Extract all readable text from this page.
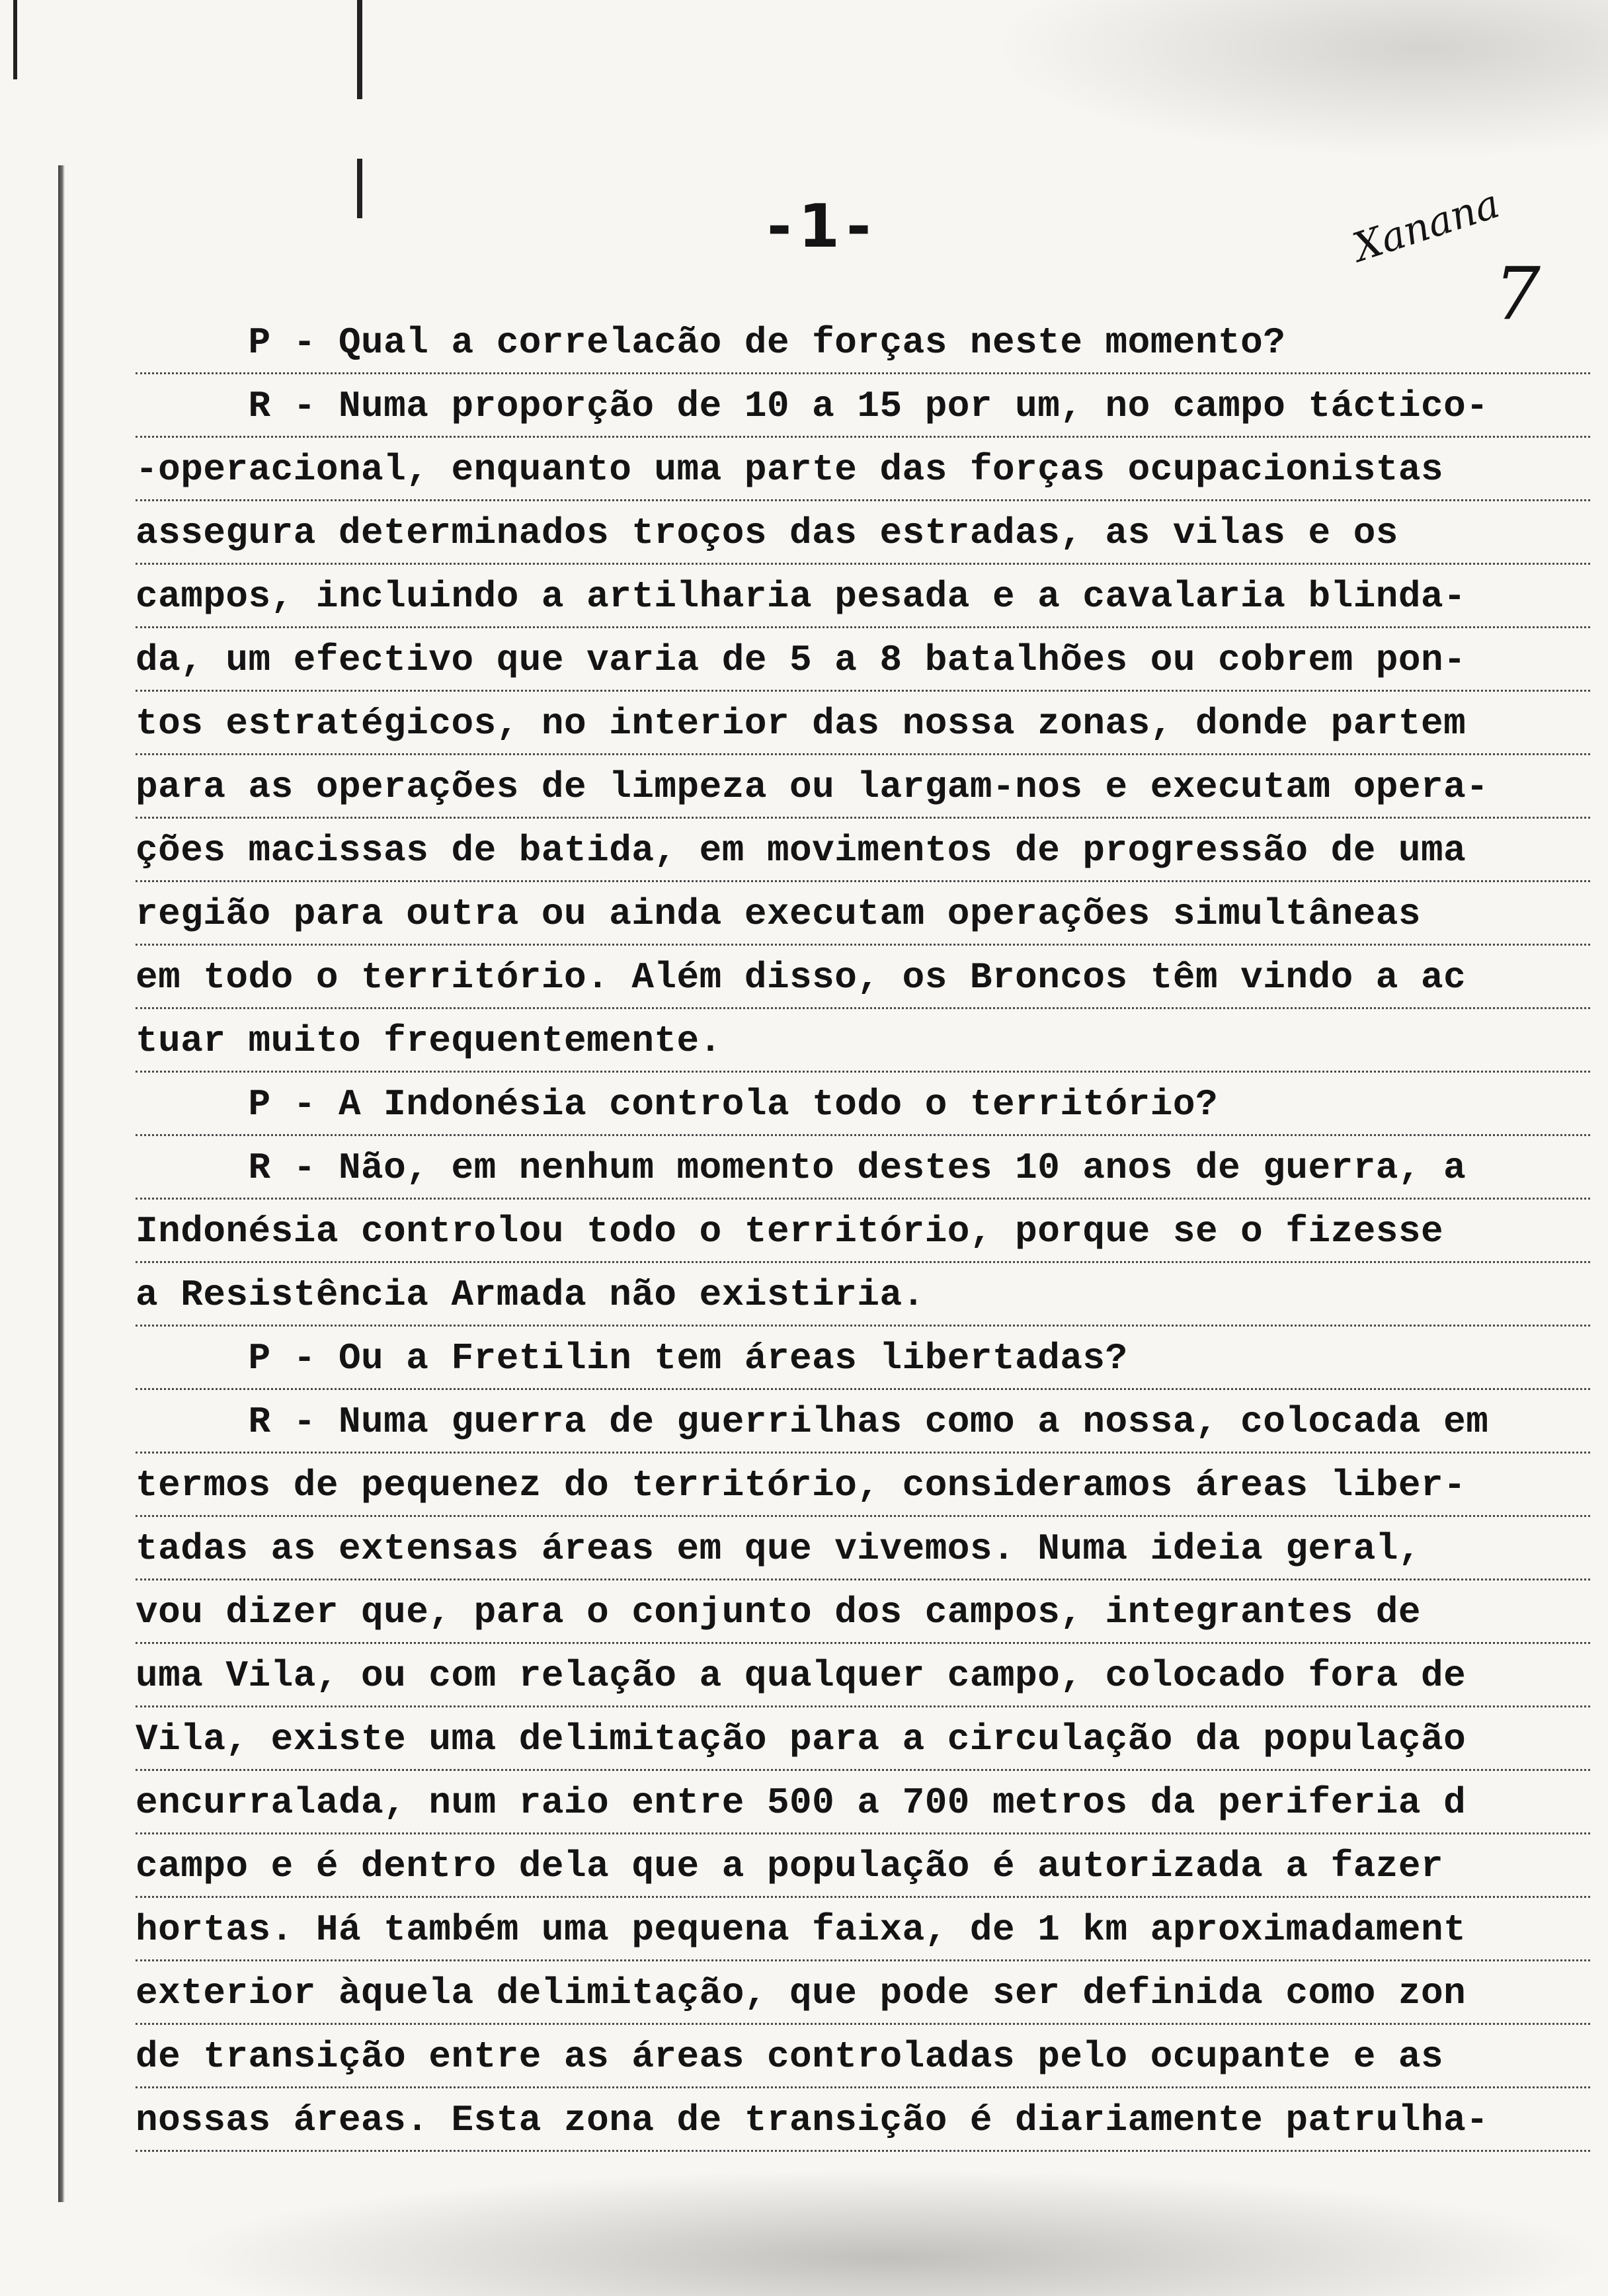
-1-	Xanana
7
P - Qual a correlacão de forças neste momento?
R - Numa proporção de 10 a 15 por um, no campo táctico-
-operacional, enquanto uma parte das forças ocupacionistas
assegura determinados troços das estradas, as vilas e os
campos, incluindo a artilharia pesada e a cavalaria blinda-
da, um efectivo que varia de 5 a 8 batalhões ou cobrem pon-
tos estratégicos, no interior das nossa zonas, donde partem
para as operações de limpeza ou largam-nos e executam opera-
ções macissas de batida, em movimentos de progressão de uma
região para outra ou ainda executam operações simultâneas
em todo o território. Além disso, os Broncos têm vindo a ac
tuar muito frequentemente.
P - A Indonésia controla todo o território?
R - Não, em nenhum momento destes 10 anos de guerra, a
Indonésia controlou todo o território, porque se o fizesse
a Resistência Armada não existiria.
P - Ou a Fretilin tem áreas libertadas?
R - Numa guerra de guerrilhas como a nossa, colocada em
termos de pequenez do território, consideramos áreas liber-
tadas as extensas áreas em que vivemos. Numa ideia geral,
vou dizer que, para o conjunto dos campos, integrantes de
uma Vila, ou com relação a qualquer campo, colocado fora de
Vila, existe uma delimitação para a circulação da população
encurralada, num raio entre 500 a 700 metros da periferia d
campo e é dentro dela que a população é autorizada a fazer
hortas. Há também uma pequena faixa, de 1 km aproximadament
exterior àquela delimitação, que pode ser definida como zon
de transição entre as áreas controladas pelo ocupante e as
nossas áreas. Esta zona de transição é diariamente patrulha-
